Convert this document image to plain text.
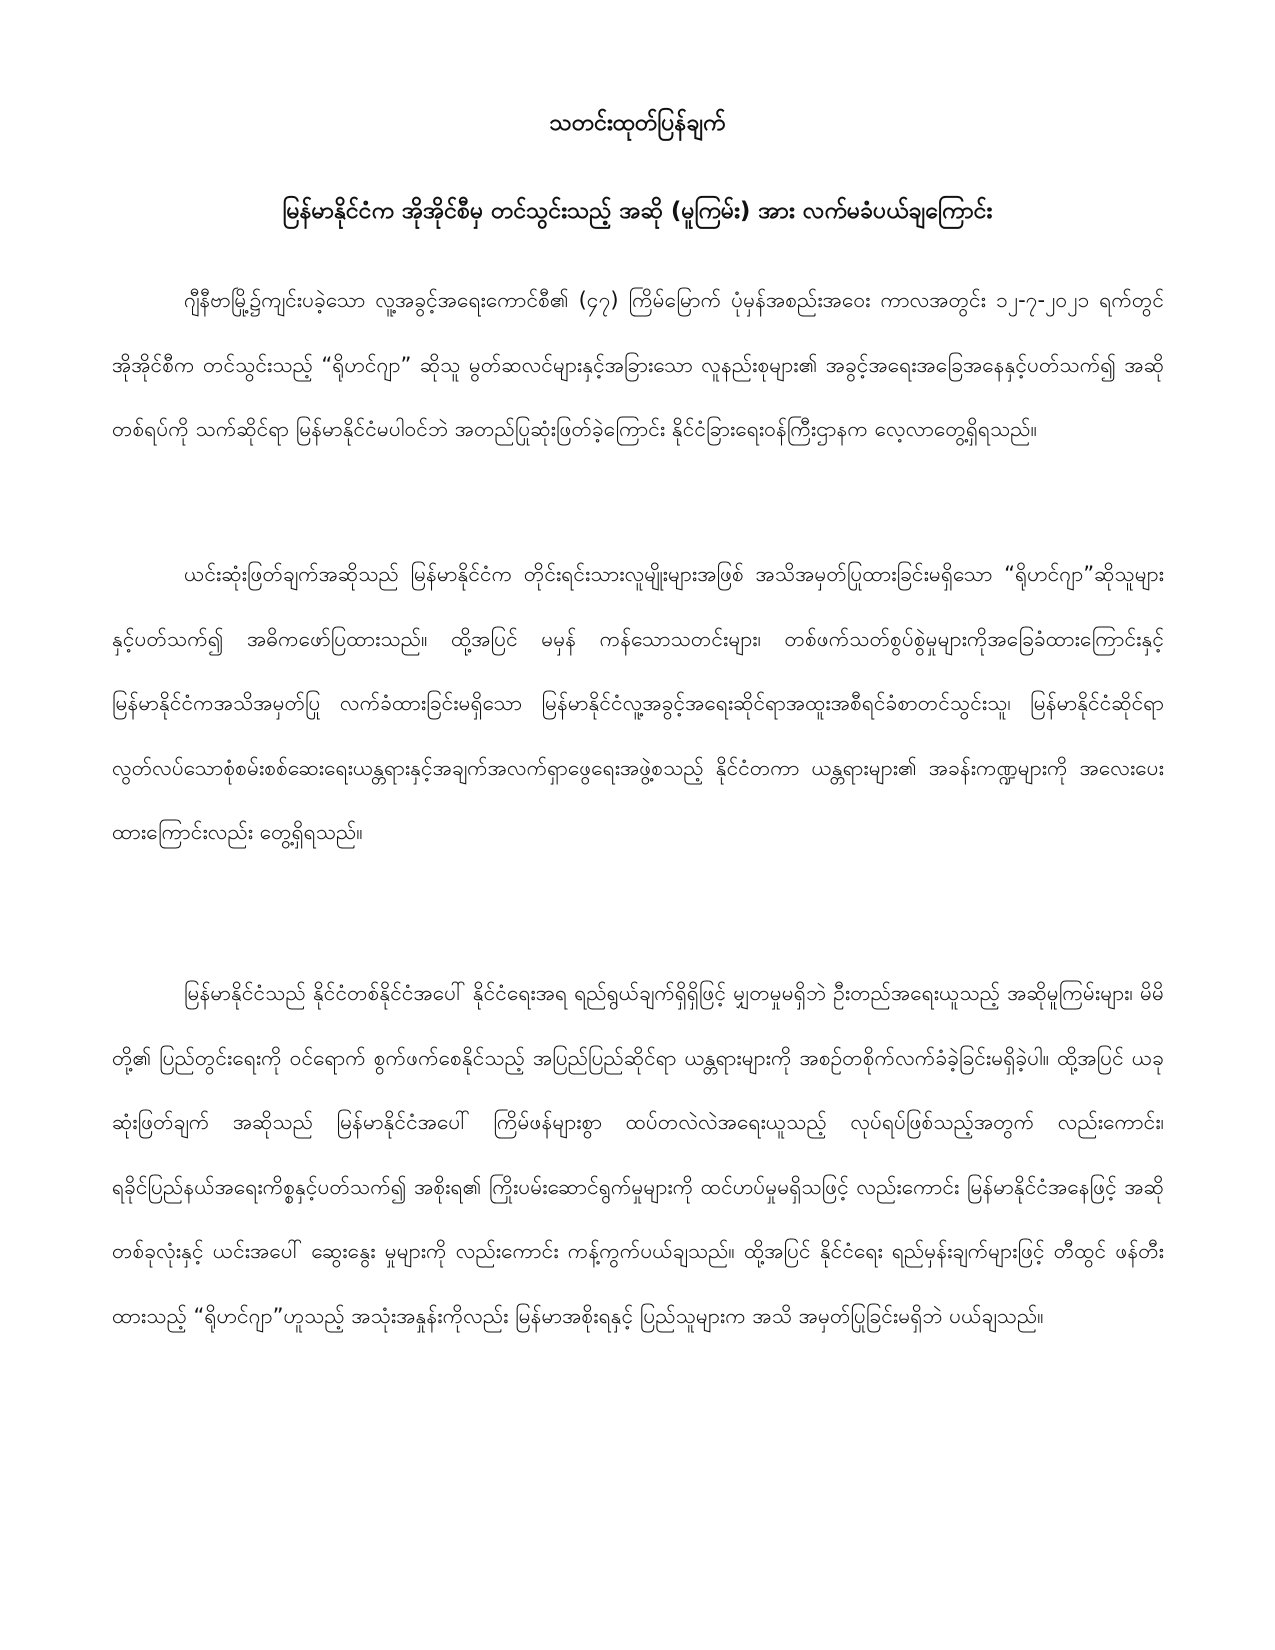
သတင်းထုတ်ပြန်ချက်
မြန်မာနိုင်ငံက အိုအိုင်စီမှ တင်သွင်းသည့် အဆို (မူကြမ်း) အား လက်မခံပယ်ချကြောင်း

ဂျီနီဗာမြို့၌ကျင်းပခဲ့သော လူ့အခွင့်အရေးကောင်စီ၏ (၄၇) ကြိမ်မြောက် ပုံမှန်အစည်းအဝေး ကာလအတွင်း ၁၂-၇-၂၀၂၁ ရက်တွင် အိုအိုင်စီက တင်သွင်းသည့် “ရိုဟင်ဂျာ” ဆိုသူ မွတ်ဆလင်များနှင့်အခြားသော လူနည်းစုများ၏ အခွင့်အရေးအခြေအနေနှင့်ပတ်သက်၍ အဆိုတစ်ရပ်ကို သက်ဆိုင်ရာ မြန်မာနိုင်ငံမပါဝင်ဘဲ အတည်ပြုဆုံးဖြတ်ခဲ့ကြောင်း နိုင်ငံခြားရေးဝန်ကြီးဌာနက လေ့လာတွေ့ရှိရသည်။

ယင်းဆုံးဖြတ်ချက်အဆိုသည် မြန်မာနိုင်ငံက တိုင်းရင်းသားလူမျိုးများအဖြစ် အသိအမှတ်ပြုထားခြင်းမရှိသော “ရိုဟင်ဂျာ”ဆိုသူများနှင့်ပတ်သက်၍ အဓိကဖော်ပြထားသည်။ ထို့အပြင် မမှန် ကန်သောသတင်းများ၊ တစ်ဖက်သတ်စွပ်စွဲမှုများကိုအခြေခံထားကြောင်းနှင့် မြန်မာနိုင်ငံကအသိအမှတ်ပြု လက်ခံထားခြင်းမရှိသော မြန်မာနိုင်ငံလူ့အခွင့်အရေးဆိုင်ရာအထူးအစီရင်ခံစာတင်သွင်းသူ၊ မြန်မာနိုင်ငံဆိုင်ရာလွတ်လပ်သောစုံစမ်းစစ်ဆေးရေးယန္တရားနှင့်အချက်အလက်ရှာဖွေရေးအဖွဲ့စသည့် နိုင်ငံတကာ ယန္တရားများ၏ အခန်းကဏ္ဍများကို အလေးပေးထားကြောင်းလည်း တွေ့ရှိရသည်။

မြန်မာနိုင်ငံသည် နိုင်ငံတစ်နိုင်ငံအပေါ် နိုင်ငံရေးအရ ရည်ရွယ်ချက်ရှိရှိဖြင့် မျှတမှုမရှိဘဲ ဦးတည်အရေးယူသည့် အဆိုမူကြမ်းများ၊ မိမိတို့၏ ပြည်တွင်းရေးကို ဝင်ရောက် စွက်ဖက်စေနိုင်သည့် အပြည်ပြည်ဆိုင်ရာ ယန္တရားများကို အစဉ်တစိုက်လက်ခံခဲ့ခြင်းမရှိခဲ့ပါ။ ထို့အပြင် ယခုဆုံးဖြတ်ချက် အဆိုသည် မြန်မာနိုင်ငံအပေါ် ကြိမ်ဖန်များစွာ ထပ်တလဲလဲအရေးယူသည့် လုပ်ရပ်ဖြစ်သည့်အတွက် လည်းကောင်း၊ ရခိုင်ပြည်နယ်အရေးကိစ္စနှင့်ပတ်သက်၍ အစိုးရ၏ ကြိုးပမ်းဆောင်ရွက်မှုများကို ထင်ဟပ်မှုမရှိသဖြင့် လည်းကောင်း မြန်မာနိုင်ငံအနေဖြင့် အဆိုတစ်ခုလုံးနှင့် ယင်းအပေါ် ဆွေးနွေး မှုများကို လည်းကောင်း ကန့်ကွက်ပယ်ချသည်။ ထို့အပြင် နိုင်ငံရေး ရည်မှန်းချက်များဖြင့် တီထွင် ဖန်တီးထားသည့် “ရိုဟင်ဂျာ”ဟူသည့် အသုံးအနှုန်းကိုလည်း မြန်မာအစိုးရနှင့် ပြည်သူများက အသိ အမှတ်ပြုခြင်းမရှိဘဲ ပယ်ချသည်။
